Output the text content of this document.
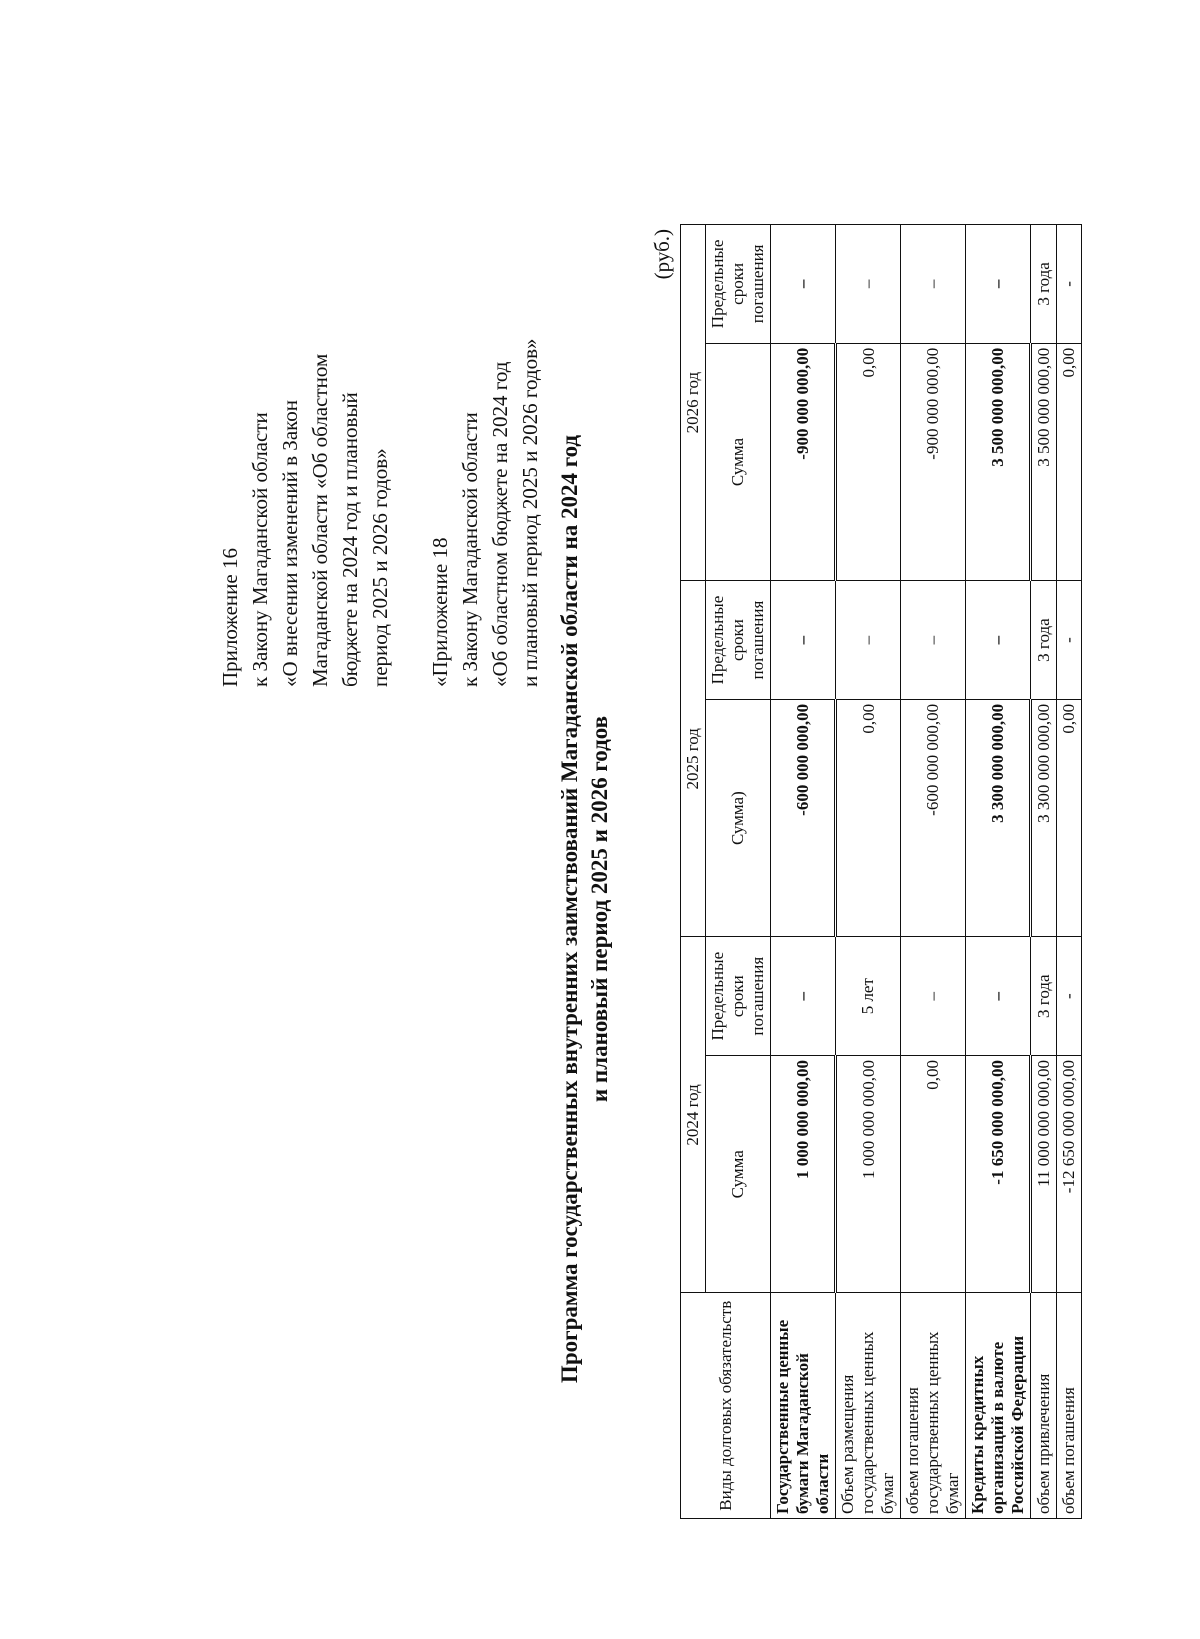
Приложение 16 к Закону Магаданской области «О внесении изменений в Закон Магаданской области «Об областном бюджете на 2024 год и плановый период 2025 и 2026 годов» «Приложение 18 к Закону Магаданской области «Об областном бюджете на 2024 год и плановый период 2025 и 2026 годов» Программа государственных внутренних заимствований Магаданской области на 2024 год и плановый период 2025 и 2026 годов
(руб.)
Виды долговых обязательств	2024 год		2025 год		2026 год	
	Сумма	Предельные сроки погашения	Сумма)	Предельные сроки погашения	Сумма	Предельные сроки погашения
Государственные ценные бумаги Магаданской области	1 000 000 000,00	–	-600 000 000,00	–	-900 000 000,00	–
Объем размещения государственных ценных бумаг	1 000 000 000,00	5 лет	0,00	–	0,00	–
объем погашения государственных ценных бумаг	0,00	–	-600 000 000,00	–	-900 000 000,00	–
Кредиты кредитных организаций в валюте Российской Федерации	-1 650 000 000,00	–	3 300 000 000,00	–	3 500 000 000,00	–
объем привлечения	11 000 000 000,00	3 года	3 300 000 000,00	3 года	3 500 000 000,00	3 года
объем погашения	-12 650 000 000,00	-	0,00	-	0,00	-
